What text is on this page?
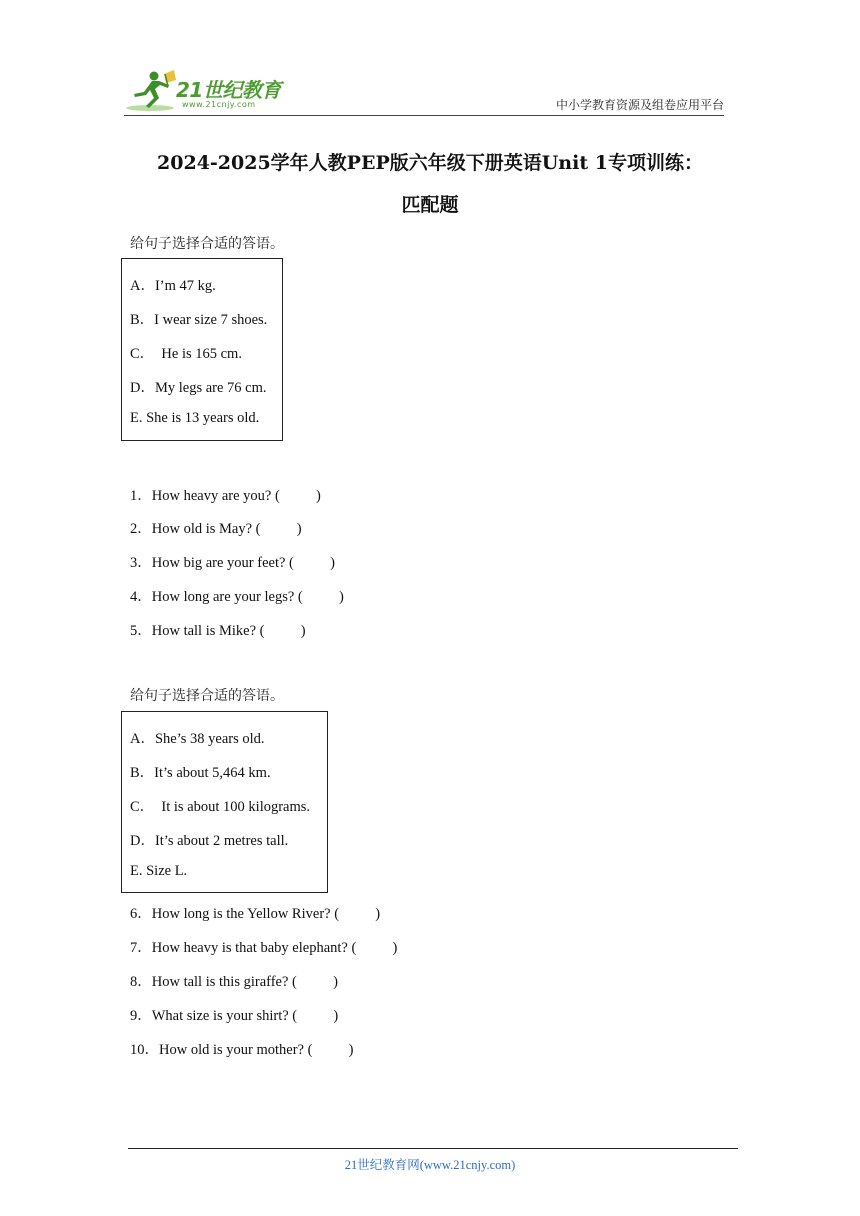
21世纪教育
www.21cnjy.com	中小学教育资源及组卷应用平台
2024-2025学年人教PEP版六年级下册英语Unit 1专项训练：
匹配题
给句子选择合适的答语。
A．I’m 47 kg.
B．I wear size 7 shoes.
C．  He is 165 cm.
D．My legs are 76 cm.
E. She is 13 years old.
1．How heavy are you? (          )
2．How old is May? (          )
3．How big are your feet? (          )
4．How long are your legs? (          )
5．How tall is Mike? (          )
给句子选择合适的答语。
A．She’s 38 years old.
B．It’s about 5,464 km.
C．  It is about 100 kilograms.
D．It’s about 2 metres tall.
E. Size L.
6．How long is the Yellow River? (          )
7．How heavy is that baby elephant? (          )
8．How tall is this giraffe? (          )
9．What size is your shirt? (          )
10．How old is your mother? (          )
21世纪教育网(www.21cnjy.com)
